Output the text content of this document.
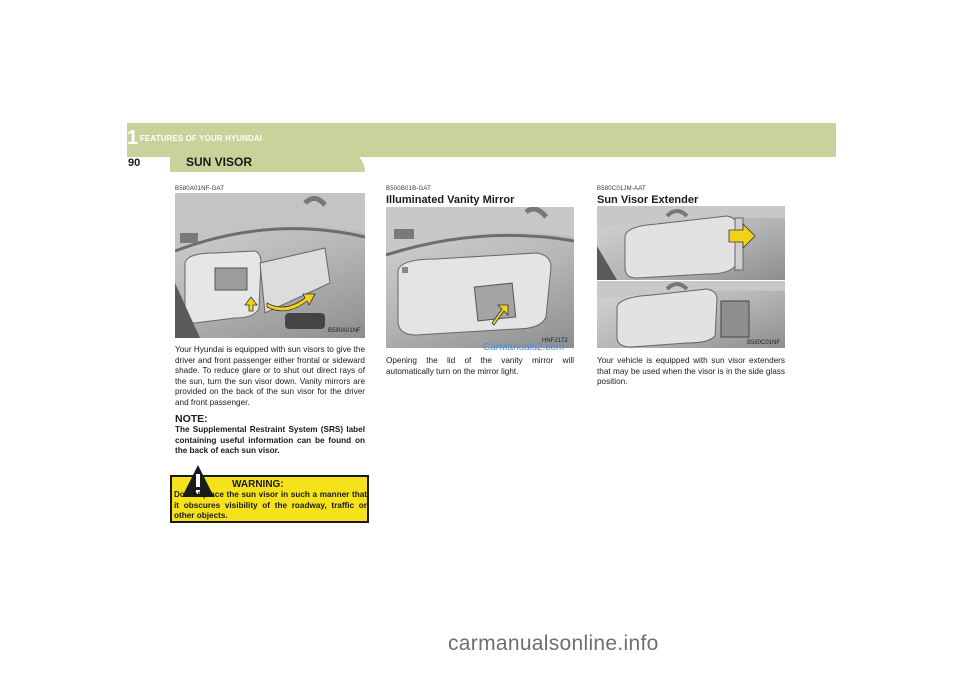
1 FEATURES OF YOUR HYUNDAI
90	SUN VISOR
B580A01NF-GAT
B580A01NF
Your Hyundai is equipped with sun visors to give the driver and front passenger either frontal or sideward shade. To reduce glare or to shut out direct rays of the sun, turn the sun visor down. Vanity mirrors are provided on the back of the sun visor for the driver and front passenger.
NOTE:
The Supplemental Restraint System (SRS) label containing useful information can be found on the back of each sun visor.
WARNING:
Do not place the sun visor in such a manner that it obscures visibility of the roadway, traffic or other objects.
B500B01B-GAT
Illuminated Vanity Mirror
HNF2172
CarManuals2.com
Opening the lid of the vanity mirror will automatically turn on the mirror light.
B580C01JM-AAT
Sun Visor Extender
B580C01NF
Your vehicle is equipped with sun visor extenders that may be used when the visor is in the side glass position.
carmanualsonline.info
